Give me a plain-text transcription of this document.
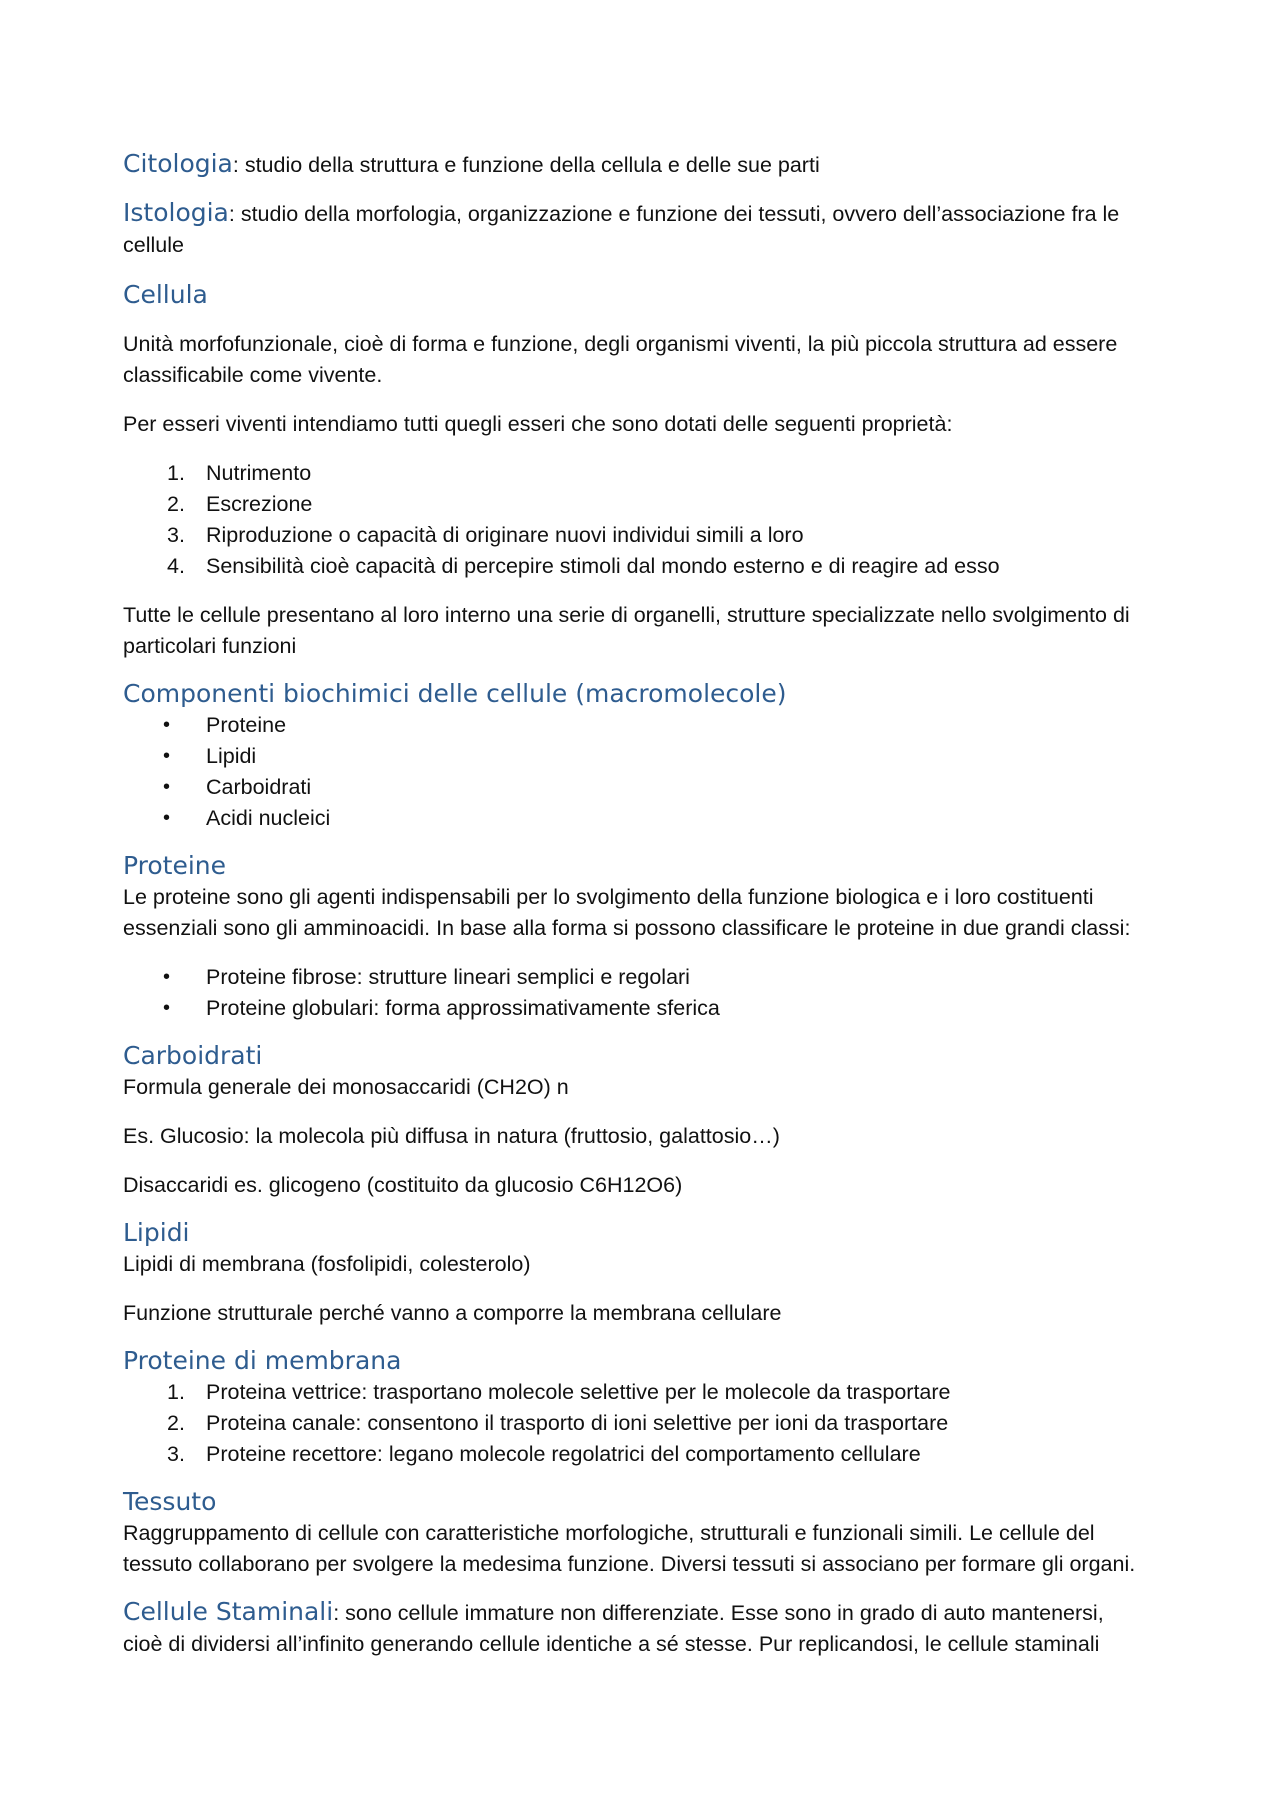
Citologia: studio della struttura e funzione della cellula e delle sue parti

Istologia: studio della morfologia, organizzazione e funzione dei tessuti, ovvero dell’associazione fra le cellule

Cellula

Unità morfofunzionale, cioè di forma e funzione, degli organismi viventi, la più piccola struttura ad essere classificabile come vivente.

Per esseri viventi intendiamo tutti quegli esseri che sono dotati delle seguenti proprietà:

1. Nutrimento
2. Escrezione
3. Riproduzione o capacità di originare nuovi individui simili a loro
4. Sensibilità cioè capacità di percepire stimoli dal mondo esterno e di reagire ad esso

Tutte le cellule presentano al loro interno una serie di organelli, strutture specializzate nello svolgimento di particolari funzioni

Componenti biochimici delle cellule (macromolecole)
•	Proteine
•	Lipidi
•	Carboidrati
•	Acidi nucleici
Proteine

Le proteine sono gli agenti indispensabili per lo svolgimento della funzione biologica e i loro costituenti essenziali sono gli amminoacidi. In base alla forma si possono classificare le proteine in due grandi classi:

•	Proteine fibrose: strutture lineari semplici e regolari
•	Proteine globulari: forma approssimativamente sferica
Carboidrati

Formula generale dei monosaccaridi (CH2O) n

Es. Glucosio: la molecola più diffusa in natura (fruttosio, galattosio…)

Disaccaridi es. glicogeno (costituito da glucosio C6H12O6)

Lipidi

Lipidi di membrana (fosfolipidi, colesterolo)

Funzione strutturale perché vanno a comporre la membrana cellulare

Proteine di membrana
1. Proteina vettrice: trasportano molecole selettive per le molecole da trasportare
2. Proteina canale: consentono il trasporto di ioni selettive per ioni da trasportare
3. Proteine recettore: legano molecole regolatrici del comportamento cellulare
Tessuto

Raggruppamento di cellule con caratteristiche morfologiche, strutturali e funzionali simili. Le cellule del tessuto collaborano per svolgere la medesima funzione. Diversi tessuti si associano per formare gli organi.

Cellule Staminali: sono cellule immature non differenziate. Esse sono in grado di auto mantenersi, cioè di dividersi all’infinito generando cellule identiche a sé stesse. Pur replicandosi, le cellule staminali
